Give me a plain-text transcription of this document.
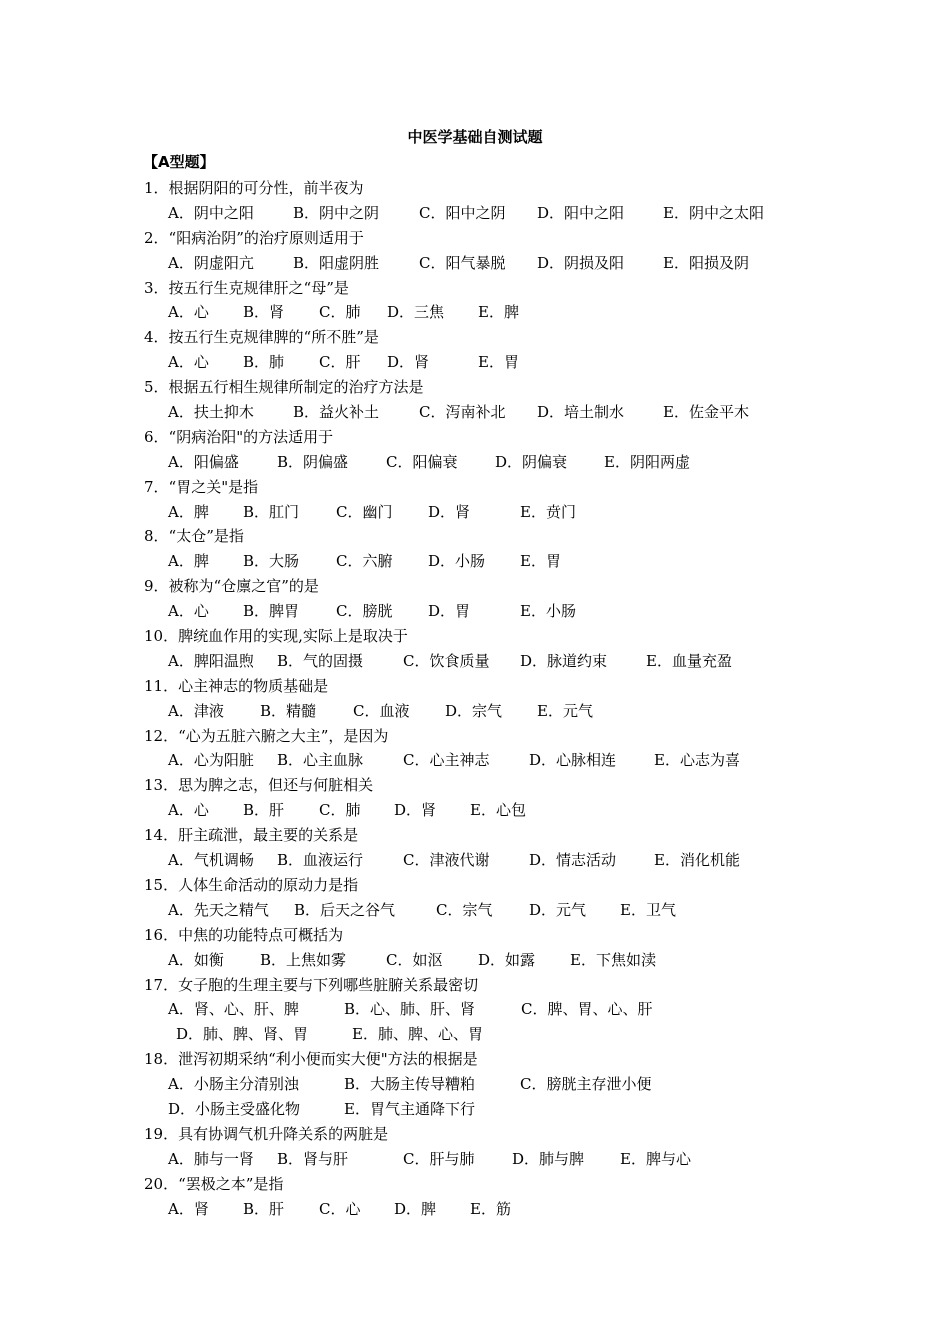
中医学基础自测试题
【A型题】
1．根据阴阳的可分性，前半夜为
A．阴中之阳	B．阴中之阴	C．阳中之阴 D．阳中之阳	E．阴中之太阳
2．“阳病治阴”的治疗原则适用于
A．阴虚阳亢	B．阳虚阴胜	C．阳气暴脱 D．阴损及阳	E．阳损及阴
3．按五行生克规律肝之“母”是
A．心 B．肾 C．肺 D．三焦 E．脾
4．按五行生克规律脾的“所不胜”是
A．心 B．肺 C．肝 D．肾	E．胃
5．根据五行相生规律所制定的治疗方法是
A．扶土抑木	B．益火补土	C．泻南补北 D．培土制水	E．佐金平木
6．“阴病治阳"的方法适用于
A．阳偏盛	B．阴偏盛	C．阳偏衰	D．阴偏衰 E．阴阳两虚
7．“胃之关"是指
A．脾 B．肛门 C．幽门 D．肾	E．贲门
8．“太仓”是指
A．脾 B．大肠 C．六腑 D．小肠 E．胃
9．被称为“仓廪之官”的是
A．心 B．脾胃 C．膀胱 D．胃	E．小肠
10．脾统血作用的实现,实际上是取决于
A．脾阳温煦 B．气的固摄	C．饮食质量 D．脉道约束	E．血量充盈
11．心主神志的物质基础是
A．津液 B．精髓 C．血液 D．宗气 E．元气
12．“心为五脏六腑之大主”，是因为
A．心为阳脏 B．心主血脉	C．心主神志	D．心脉相连	E．心志为喜
13．思为脾之志，但还与何脏相关
A．心 B．肝 C．肺 D．肾 E．心包
14．肝主疏泄，最主要的关系是
A．气机调畅 B．血液运行	C．津液代谢	D．情志活动	E．消化机能
15．人体生命活动的原动力是指
A．先天之精气 B．后天之谷气	C．宗气 D．元气 E．卫气
16．中焦的功能特点可概括为
A．如衡 B．上焦如雾	C．如沤 D．如露 E．下焦如渎
17．女子胞的生理主要与下列哪些脏腑关系最密切
A．肾、心、肝、脾	B．心、肺、肝、肾	C．脾、胃、心、肝
D．肺、脾、肾、胃	E．肺、脾、心、胃
18．泄泻初期采纳“利小便而实大便"方法的根据是
A．小肠主分清别浊	B．大肠主传导糟粕	C．膀胱主存泄小便
D．小肠主受盛化物	E．胃气主通降下行
19．具有协调气机升降关系的两脏是
A．肺与一肾 B．肾与肝	C．肝与肺	D．肺与脾 E．脾与心
20．“罢极之本”是指
A．肾 B．肝 C．心 D．脾 E．筋
